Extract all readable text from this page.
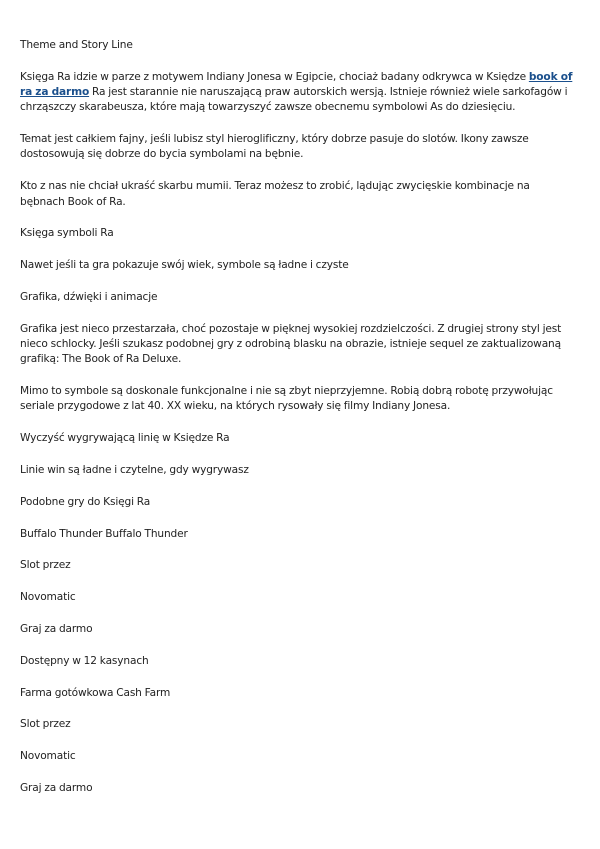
Theme and Story Line

Księga Ra idzie w parze z motywem Indiany Jonesa w Egipcie, chociaż badany odkrywca w Księdze book of ra za darmo Ra jest starannie nie naruszającą praw autorskich wersją. Istnieje również wiele sarkofagów i chrząszczy skarabeusza, które mają towarzyszyć zawsze obecnemu symbolowi As do dziesięciu.

Temat jest całkiem fajny, jeśli lubisz styl hieroglificzny, który dobrze pasuje do slotów. Ikony zawsze dostosowują się dobrze do bycia symbolami na bębnie.

Kto z nas nie chciał ukraść skarbu mumii. Teraz możesz to zrobić, lądując zwycięskie kombinacje na bębnach Book of Ra.

Księga symboli Ra

Nawet jeśli ta gra pokazuje swój wiek, symbole są ładne i czyste

Grafika, dźwięki i animacje

Grafika jest nieco przestarzała, choć pozostaje w pięknej wysokiej rozdzielczości. Z drugiej strony styl jest nieco schlocky. Jeśli szukasz podobnej gry z odrobiną blasku na obrazie, istnieje sequel ze zaktualizowaną grafiką: The Book of Ra Deluxe.

Mimo to symbole są doskonale funkcjonalne i nie są zbyt nieprzyjemne. Robią dobrą robotę przywołując seriale przygodowe z lat 40. XX wieku, na których rysowały się filmy Indiany Jonesa.

Wyczyść wygrywającą linię w Księdze Ra

Linie win są ładne i czytelne, gdy wygrywasz

Podobne gry do Księgi Ra

Buffalo Thunder Buffalo Thunder

Slot przez

Novomatic

Graj za darmo

Dostępny w 12 kasynach

Farma gotówkowa Cash Farm

Slot przez

Novomatic

Graj za darmo
